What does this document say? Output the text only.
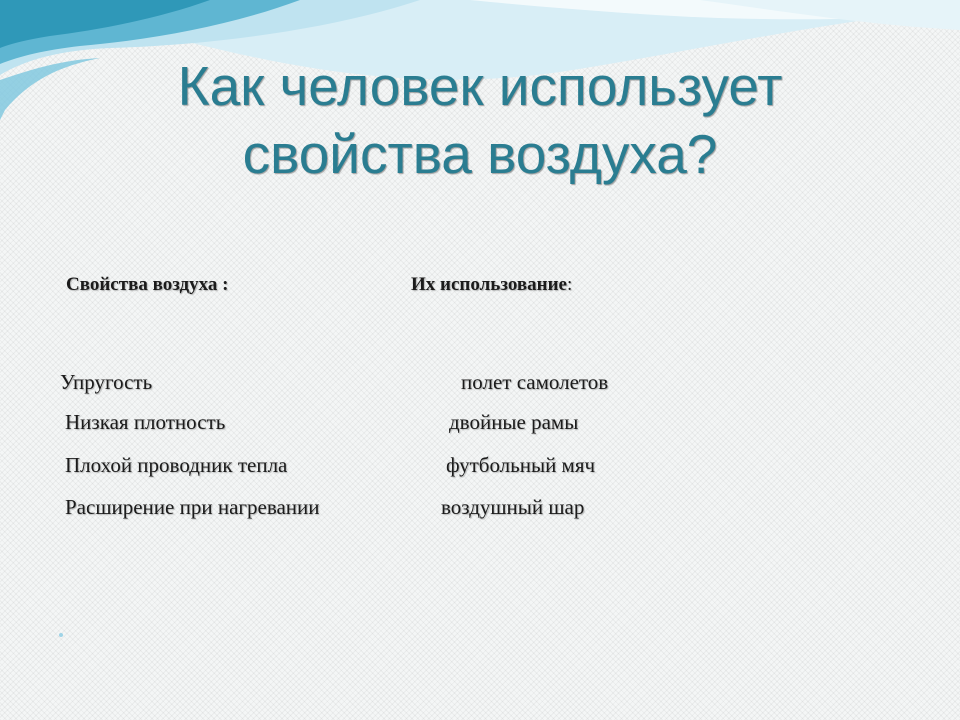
Как человек использует
свойства воздуха?
Свойства воздуха :	Их использование:
Упругость	полет самолетов
Низкая плотность	двойные рамы
Плохой проводник тепла	футбольный мяч
Расширение при нагревании	воздушный шар
